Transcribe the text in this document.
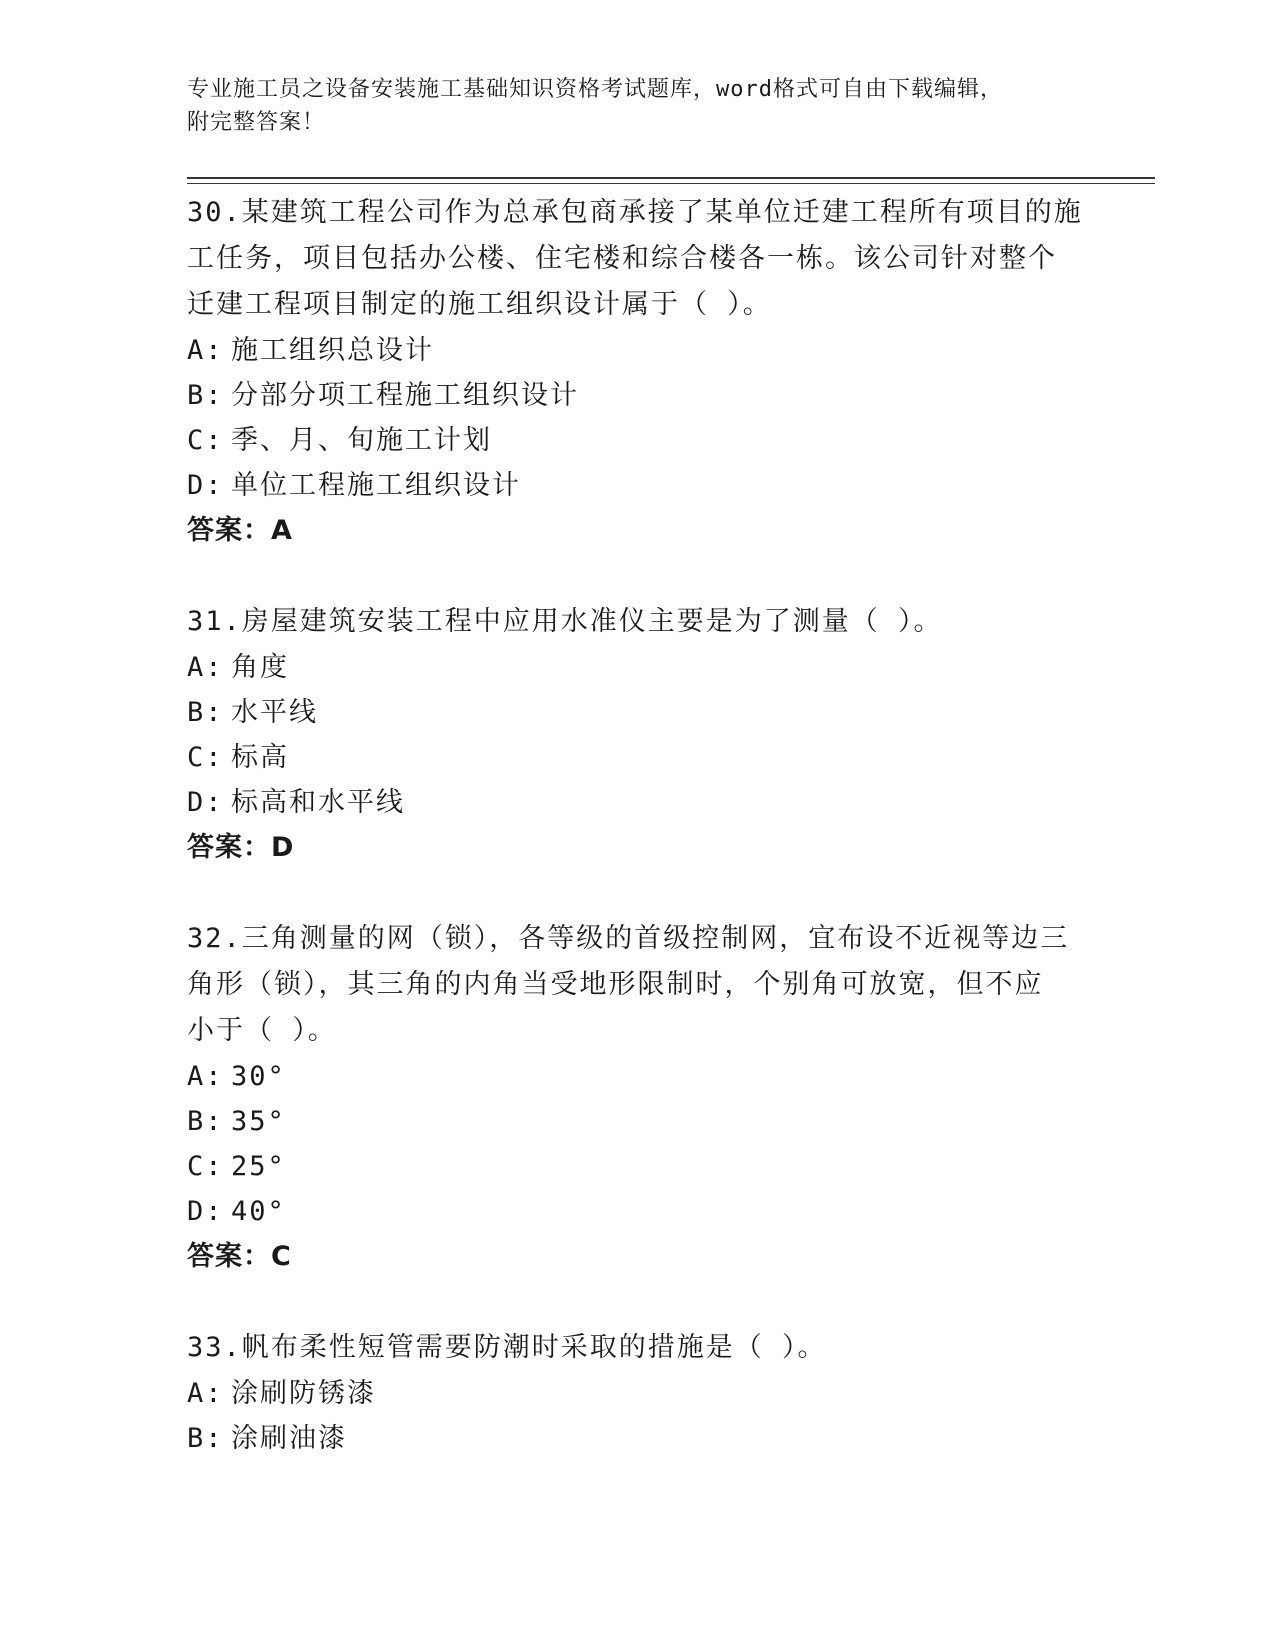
专业施工员之设备安装施工基础知识资格考试题库，word格式可自由下载编辑，
附完整答案！

30.某建筑工程公司作为总承包商承接了某单位迁建工程所有项目的施

工任务，项目包括办公楼、住宅楼和综合楼各一栋。该公司针对整个

迁建工程项目制定的施工组织设计属于（ ）。

A: 施工组织总设计

B: 分部分项工程施工组织设计

C: 季、月、旬施工计划

D: 单位工程施工组织设计

答案：A

31.房屋建筑安装工程中应用水准仪主要是为了测量（ ）。

A: 角度

B: 水平线

C: 标高

D: 标高和水平线

答案：D

32.三角测量的网（锁），各等级的首级控制网，宜布设不近视等边三

角形（锁），其三角的内角当受地形限制时，个别角可放宽，但不应

小于（ ）。

A: 30°

B: 35°

C: 25°

D: 40°

答案：C

33.帆布柔性短管需要防潮时采取的措施是（ ）。

A: 涂刷防锈漆

B: 涂刷油漆
